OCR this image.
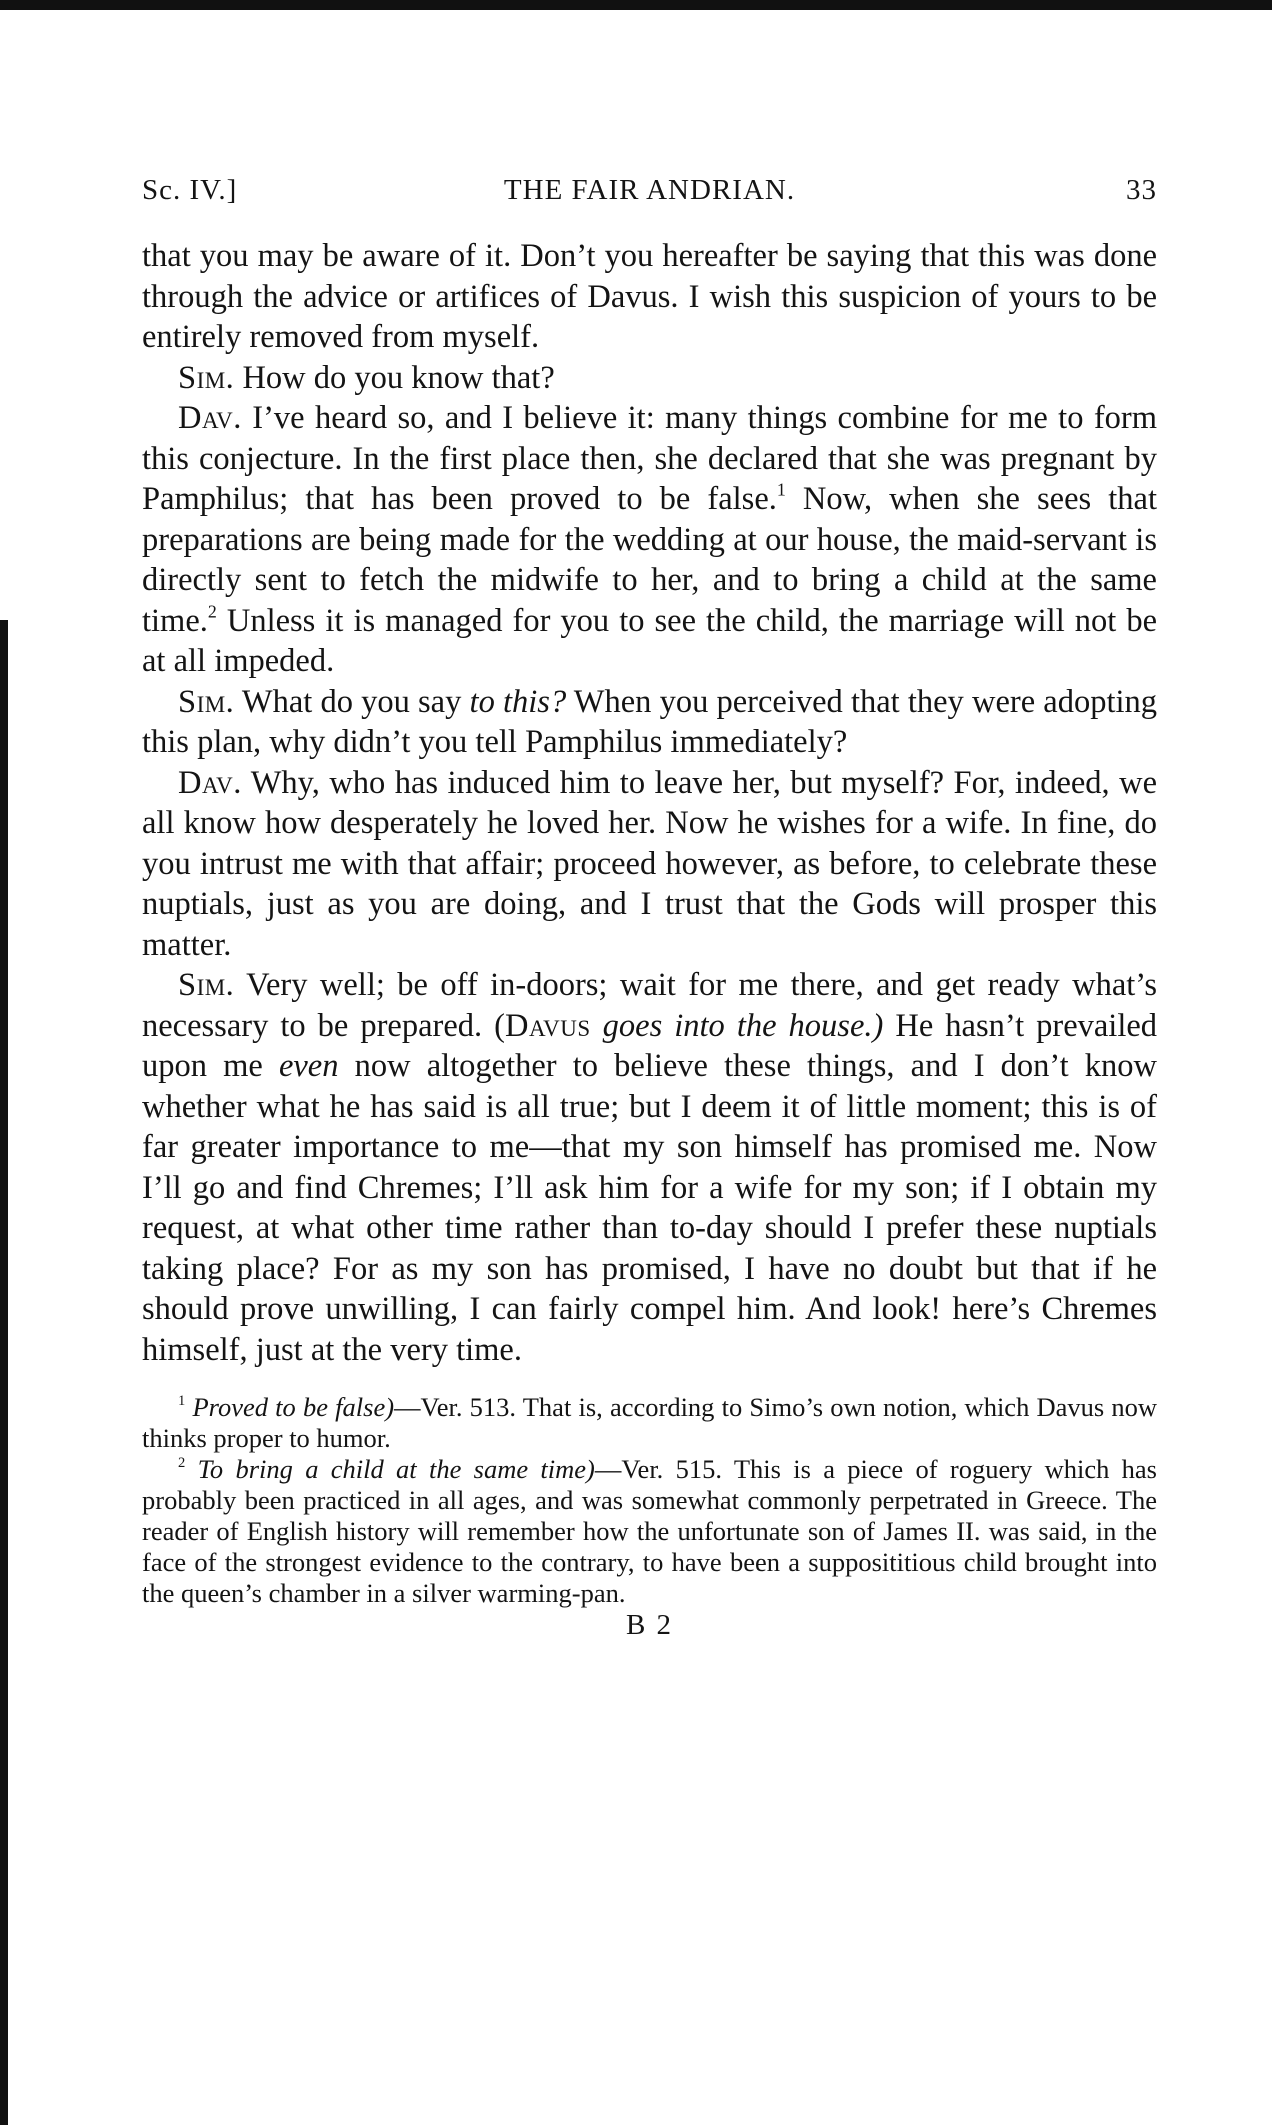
Sc. IV.]	THE FAIR ANDRIAN.	33

that you may be aware of it. Don’t you hereafter be saying that this was done through the advice or artifices of Davus. I wish this suspicion of yours to be entirely removed from myself.

Sim. How do you know that?

Dav. I’ve heard so, and I believe it: many things combine for me to form this conjecture. In the first place then, she declared that she was pregnant by Pamphilus; that has been proved to be false.$^1$ Now, when she sees that preparations are being made for the wedding at our house, the maid-servant is directly sent to fetch the midwife to her, and to bring a child at the same time.$^2$ Unless it is managed for you to see the child, the marriage will not be at all impeded.

Sim. What do you say to this? When you perceived that they were adopting this plan, why didn’t you tell Pamphilus immediately?

Dav. Why, who has induced him to leave her, but myself? For, indeed, we all know how desperately he loved her. Now he wishes for a wife. In fine, do you intrust me with that affair; proceed however, as before, to celebrate these nuptials, just as you are doing, and I trust that the Gods will prosper this matter.

Sim. Very well; be off in-doors; wait for me there, and get ready what’s necessary to be prepared. (Davus goes into the house.) He hasn’t prevailed upon me even now altogether to believe these things, and I don’t know whether what he has said is all true; but I deem it of little moment; this is of far greater importance to me—that my son himself has promised me. Now I’ll go and find Chremes; I’ll ask him for a wife for my son; if I obtain my request, at what other time rather than to-day should I prefer these nuptials taking place? For as my son has promised, I have no doubt but that if he should prove unwilling, I can fairly compel him. And look! here’s Chremes himself, just at the very time.

$^1$ Proved to be false)—Ver. 513. That is, according to Simo’s own notion, which Davus now thinks proper to humor.

$^2$ To bring a child at the same time)—Ver. 515. This is a piece of roguery which has probably been practiced in all ages, and was somewhat commonly perpetrated in Greece. The reader of English history will remember how the unfortunate son of James II. was said, in the face of the strongest evidence to the contrary, to have been a supposititious child brought into the queen’s chamber in a silver warming-pan.

B 2
